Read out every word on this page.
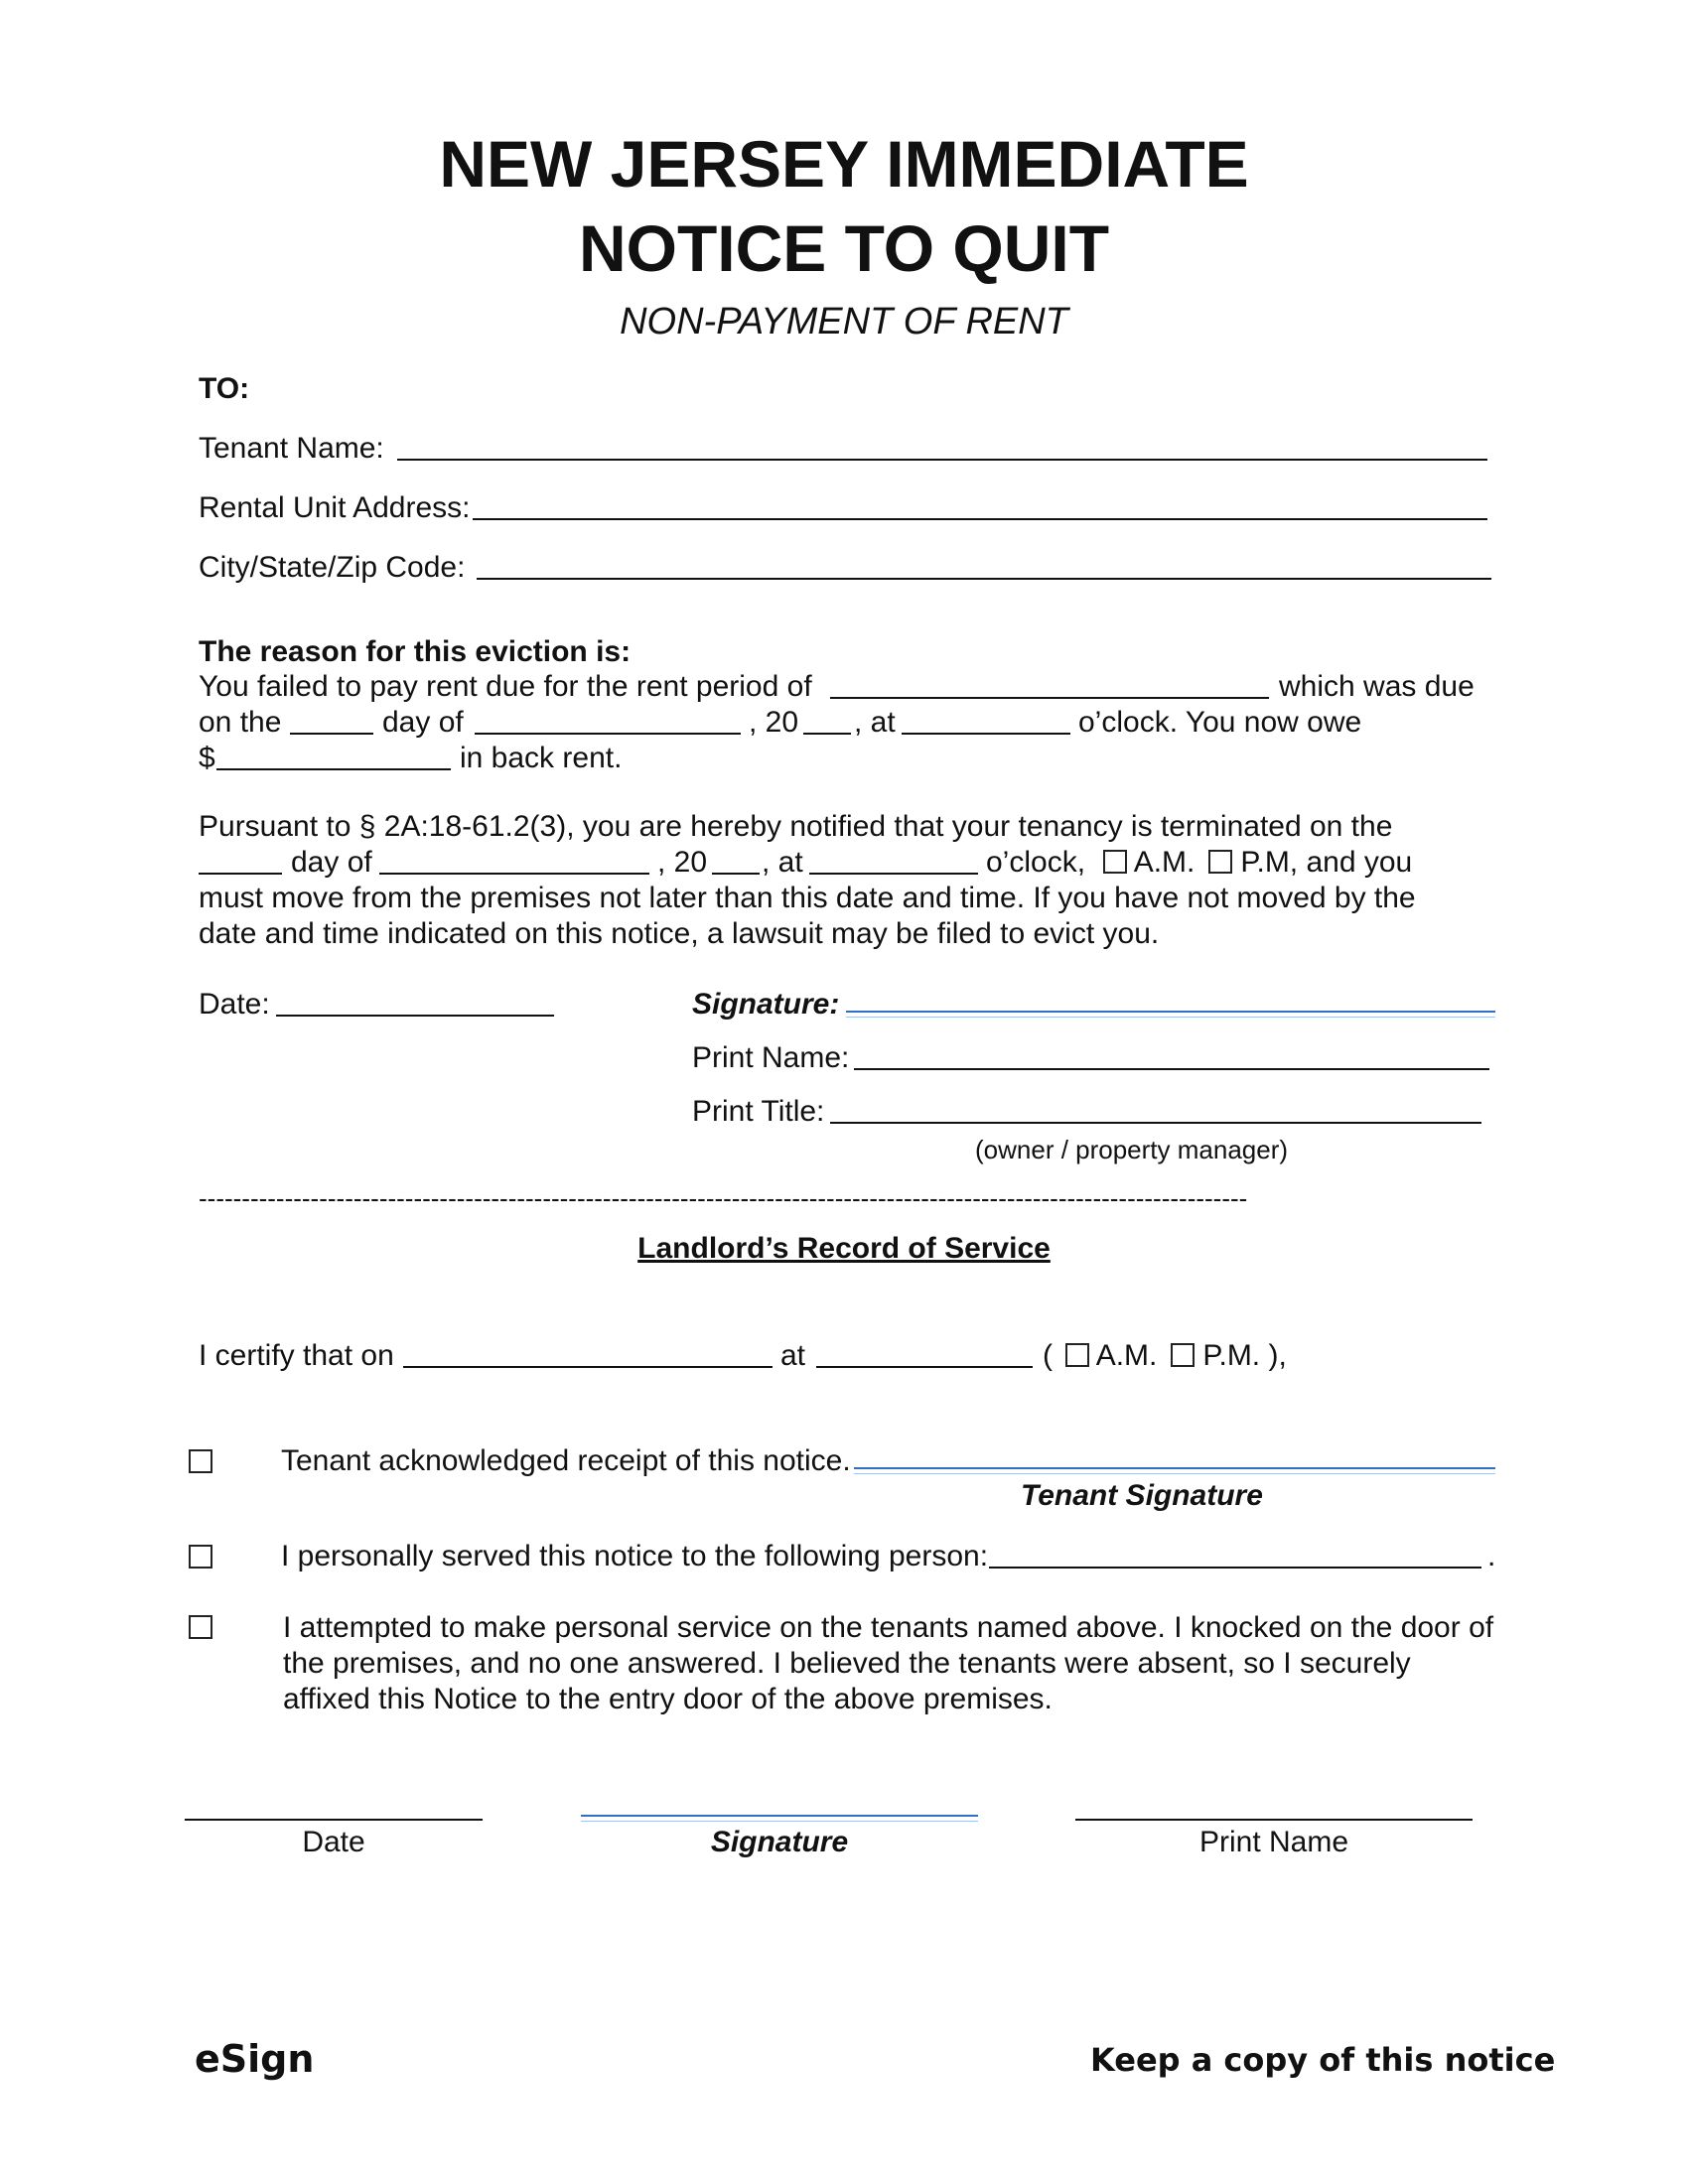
NEW JERSEY IMMEDIATE
NOTICE TO QUIT
NON-PAYMENT OF RENT
TO:
Tenant Name:
Rental Unit Address:
City/State/Zip Code:
The reason for this eviction is:
You failed to pay rent due for the rent period of	which was due
on the	day of	, 20 , at	o’clock. You now owe
$	in back rent.
Pursuant to § 2A:18-61.2(3), you are hereby notified that your tenancy is terminated on the
day of	, 20 , at	o’clock,	A.M.	P.M, and you
must move from the premises not later than this date and time. If you have not moved by the
date and time indicated on this notice, a lawsuit may be filed to evict you.
Date:	Signature:
Print Name:
Print Title:
(owner / property manager)
--------------------------------------------------------------------------------------------------------------------------
Landlord’s Record of Service
I certify that on	at	(	A.M.	P.M. ),
Tenant acknowledged receipt of this notice.
Tenant Signature
I personally served this notice to the following person:	.
I attempted to make personal service on the tenants named above. I knocked on the door of
the premises, and no one answered. I believed the tenants were absent, so I securely
affixed this Notice to the entry door of the above premises.
Date	Signature	Print Name
eSign	Keep a copy of this notice
